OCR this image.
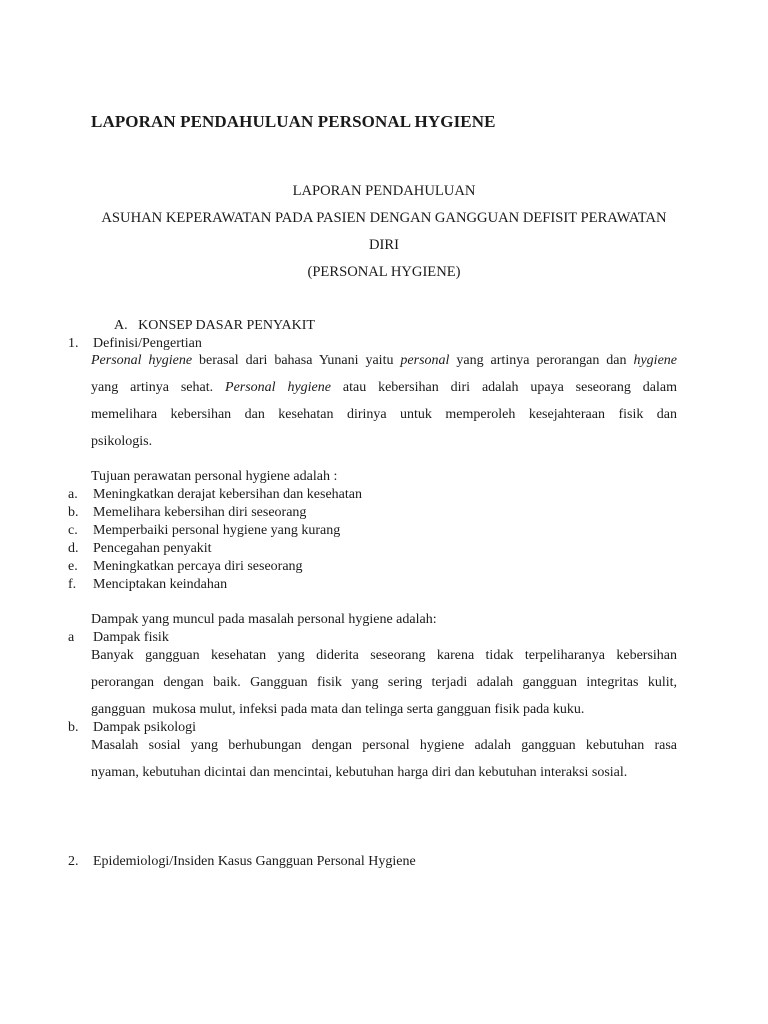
LAPORAN PENDAHULUAN PERSONAL HYGIENE
LAPORAN PENDAHULUAN
ASUHAN KEPERAWATAN PADA PASIEN DENGAN GANGGUAN DEFISIT PERAWATAN
DIRI
(PERSONAL HYGIENE)
A.   KONSEP DASAR PENYAKIT
1. Definisi/Pengertian
Personal hygiene berasal dari bahasa Yunani yaitu personal yang artinya perorangan dan hygiene
yang artinya sehat. Personal hygiene atau kebersihan diri adalah upaya seseorang dalam
memelihara kebersihan dan kesehatan dirinya untuk memperoleh kesejahteraan fisik dan
psikologis.
Tujuan perawatan personal hygiene adalah :
a. Meningkatkan derajat kebersihan dan kesehatan
b. Memelihara kebersihan diri seseorang
c. Memperbaiki personal hygiene yang kurang
d. Pencegahan penyakit
e. Meningkatkan percaya diri seseorang
f. Menciptakan keindahan
Dampak yang muncul pada masalah personal hygiene adalah:
a Dampak fisik
Banyak gangguan kesehatan yang diderita seseorang karena tidak terpeliharanya kebersihan
perorangan dengan baik. Gangguan fisik yang sering terjadi adalah gangguan integritas kulit,
gangguan  mukosa mulut, infeksi pada mata dan telinga serta gangguan fisik pada kuku.
b. Dampak psikologi
Masalah sosial yang berhubungan dengan personal hygiene adalah gangguan kebutuhan rasa
nyaman, kebutuhan dicintai dan mencintai, kebutuhan harga diri dan kebutuhan interaksi sosial.
2. Epidemiologi/Insiden Kasus Gangguan Personal Hygiene
